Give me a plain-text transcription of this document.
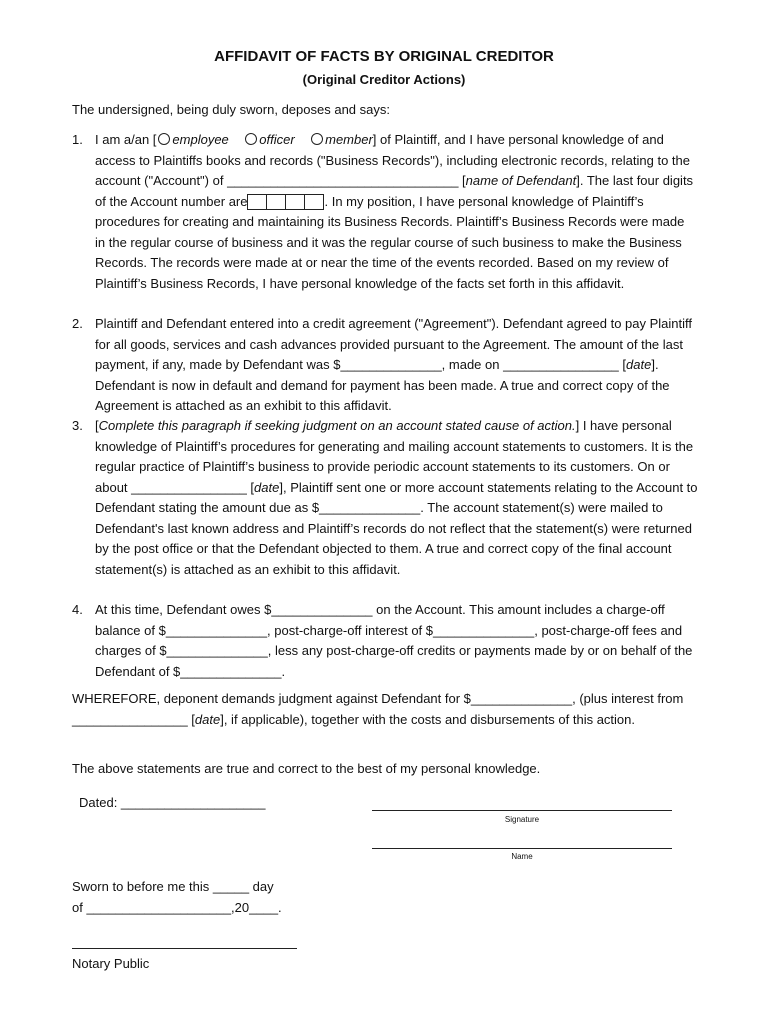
AFFIDAVIT OF FACTS BY ORIGINAL CREDITOR
(Original Creditor Actions)
The undersigned, being duly sworn, deposes and says:
1. I am a/an [ employee officer member] of Plaintiff, and I have personal knowledge of and access to Plaintiffs books and records ("Business Records"), including electronic records, relating to the account ("Account") of ________________________________ [name of Defendant]. The last four digits of the Account number are	. In my position, I have personal knowledge of Plaintiff’s procedures for creating and maintaining its Business Records. Plaintiff’s Business Records were made in the regular course of business and it was the regular course of such business to make the Business Records. The records were made at or near the time of the events recorded. Based on my review of Plaintiff’s Business Records, I have personal knowledge of the facts set forth in this affidavit.
2. Plaintiff and Defendant entered into a credit agreement ("Agreement"). Defendant agreed to pay Plaintiff for all goods, services and cash advances provided pursuant to the Agreement. The amount of the last payment, if any, made by Defendant was $______________, made on ________________ [date]. Defendant is now in default and demand for payment has been made. A true and correct copy of the Agreement is attached as an exhibit to this affidavit.
3. [Complete this paragraph if seeking judgment on an account stated cause of action.] I have personal knowledge of Plaintiff’s procedures for generating and mailing account statements to customers. It is the regular practice of Plaintiff’s business to provide periodic account statements to its customers. On or about ________________ [date], Plaintiff sent one or more account statements relating to the Account to Defendant stating the amount due as $______________. The account statement(s) were mailed to Defendant's last known address and Plaintiff’s records do not reflect that the statement(s) were returned by the post office or that the Defendant objected to them. A true and correct copy of the final account statement(s) is attached as an exhibit to this affidavit.
4. At this time, Defendant owes $______________ on the Account. This amount includes a charge-off balance of $______________, post-charge-off interest of $______________, post-charge-off fees and charges of $______________, less any post-charge-off credits or payments made by or on behalf of the Defendant of $______________.
WHEREFORE, deponent demands judgment against Defendant for $______________, (plus interest from ________________ [date], if applicable), together with the costs and disbursements of this action.
The above statements are true and correct to the best of my personal knowledge.
Dated: ____________________
Signature
Name
Sworn to before me this _____ day
of ____________________,20____.
Notary Public
